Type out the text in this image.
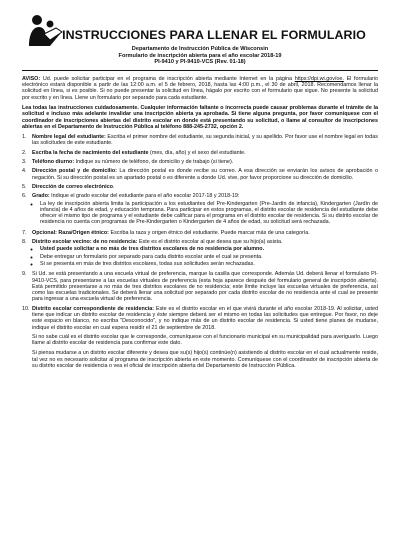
INSTRUCCIONES PARA LLENAR EL FORMULARIO
Departamento de Instrucción Pública de Wisconsin
Formulario de inscripción abierta para el año escolar 2018-19
PI-9410 y PI-9410-VCS (Rev. 01-18)

AVISO: Ud. puede solicitar participar en el programa de inscripción abierta mediante Internet en la página https://dpi.wi.gov/oe. El formulario electrónico estará disponible a partir de las 12:00 a.m. el 5 de febrero, 2018, hasta las 4:00 p.m., el 30 de abril, 2018. Recomendamos llenar la solicitud en línea, si es posible. Si no puede presentar la solicitud en línea, hágalo por escrito con el formulario que sigue. No presente la solicitud por escrito y en línea. Llene un formulario por separado para cada estudiante.

Lea todas las instrucciones cuidadosamente. Cualquier información faltante o incorrecta puede causar problemas durante el trámite de la solicitud e incluso más adelante invalidar una inscripción abierta ya aprobada. Si tiene alguna pregunta, por favor comuníquese con el coordinador de inscripciones abiertas del distrito escolar en donde está presentando su solicitud, o llame al consultor de inscripciones abiertas en el Departamento de Instrucción Pública al teléfono 888-245-2732, opción 2.

1.	Nombre legal del estudiante: Escriba el primer nombre del estudiante, su segunda inicial, y su apellido. Por favor use el nombre legal en todas las solicitudes de este estudiante.
2.	Escriba la fecha de nacimiento del estudiante (mes, día, año) y el sexo del estudiante.
3.	Teléfono diurno: Indique su número de teléfono, de domicilio y de trabajo (si tiene).
4.	Dirección postal y de domicilio: La dirección postal es donde recibe su correo. A esa dirección se enviarán los avisos de aprobación o negación. Si su dirección postal es un apartado postal o es diferente a donde Ud. vive, por favor proporcione su dirección de domicilio.
5.	Dirección de correo electrónico.
6.	Grado: Indique el grado escolar del estudiante para el año escolar 2017-18 y 2018-19:
◦ La ley de inscripción abierta limita la participación a los estudiantes del Pre-Kindergarten (Pre-Jardín de infancia), Kindergarten (Jardín de infancia) de 4 años de edad, y educación temprana. Para participar en estos programas, el distrito escolar de residencia del estudiante debe ofrecer el mismo tipo de programa y el estudiante debe calificar para el programa en el distrito escolar de residencia. Si su distrito escolar de residencia no cuenta con programas de Pre-Kindergarten o Kindergarten de 4 años de edad, su solicitud será rechazada.
7.	Opcional: Raza/Origen étnico: Escriba la raza y origen étnico del estudiante. Puede marcar más de una categoría.
8.	Distrito escolar vecino: de no residencia: Este es el distrito escolar al que desea que su hijo(a) asista.
◦ Usted puede solicitar a no más de tres distritos escolares de no residencia por alumno.
◦ Debe entregar un formulario por separado para cada distrito escolar ante el cual se presenta.
◦ Si se presenta en más de tres distritos escolares, todas sus solicitudes serán rechazadas.
9.	Si Ud. se está presentando a una escuela virtual de preferencia, marque la casilla que corresponde. Además Ud. deberá llenar el formulario PI-9410-VCS, para presentarse a las escuelas virtuales de preferencia (esta hoja aparece después del formulario general de inscripción abierta). Está permitido presentarse a no más de tres distritos escolares de no residencia; este límite incluye las escuelas virtuales de preferencia, así como las escuelas tradicionales. Se deberá llenar una solicitud por separado por cada distrito escolar de no residencia ante el cual se presente para ingresar a una escuela virtual de preferencia.
10. Distrito escolar correspondiente de residencia: Este es el distrito escolar en el que vivirá durante el año escolar 2018-19. Al solicitar, usted tiene que indicar un distrito escolar de residencia y éste siempre deberá ser el mismo en todas las solicitudes que entregue. Por favor, no deje este espacio en blanco, no escriba "Desconocido", y no indique más de un distrito escolar de residencia. Si usted tiene planes de mudarse, indique el distrito escolar en cual espera residir el 21 de septiembre de 2018.

Si no sabe cuál es el distrito escolar que le corresponde, comuníquese con el funcionario municipal en su municipalidad para averiguarlo. Luego llame al distrito escolar de residencia para confirmar este dato.

Si piensa mudarse a un distrito escolar diferente y desea que su(s) hijo(s) continúe(n) asistiendo al distrito escolar en el cual actualmente reside, tal vez no es necesario solicitar al programa de inscripción abierta en este momento. Comuníquese con el coordinador de inscripción abierta de su distrito escolar de residencia o vea el oficial de inscripción abierta del Departamento de Instrucción Pública.
